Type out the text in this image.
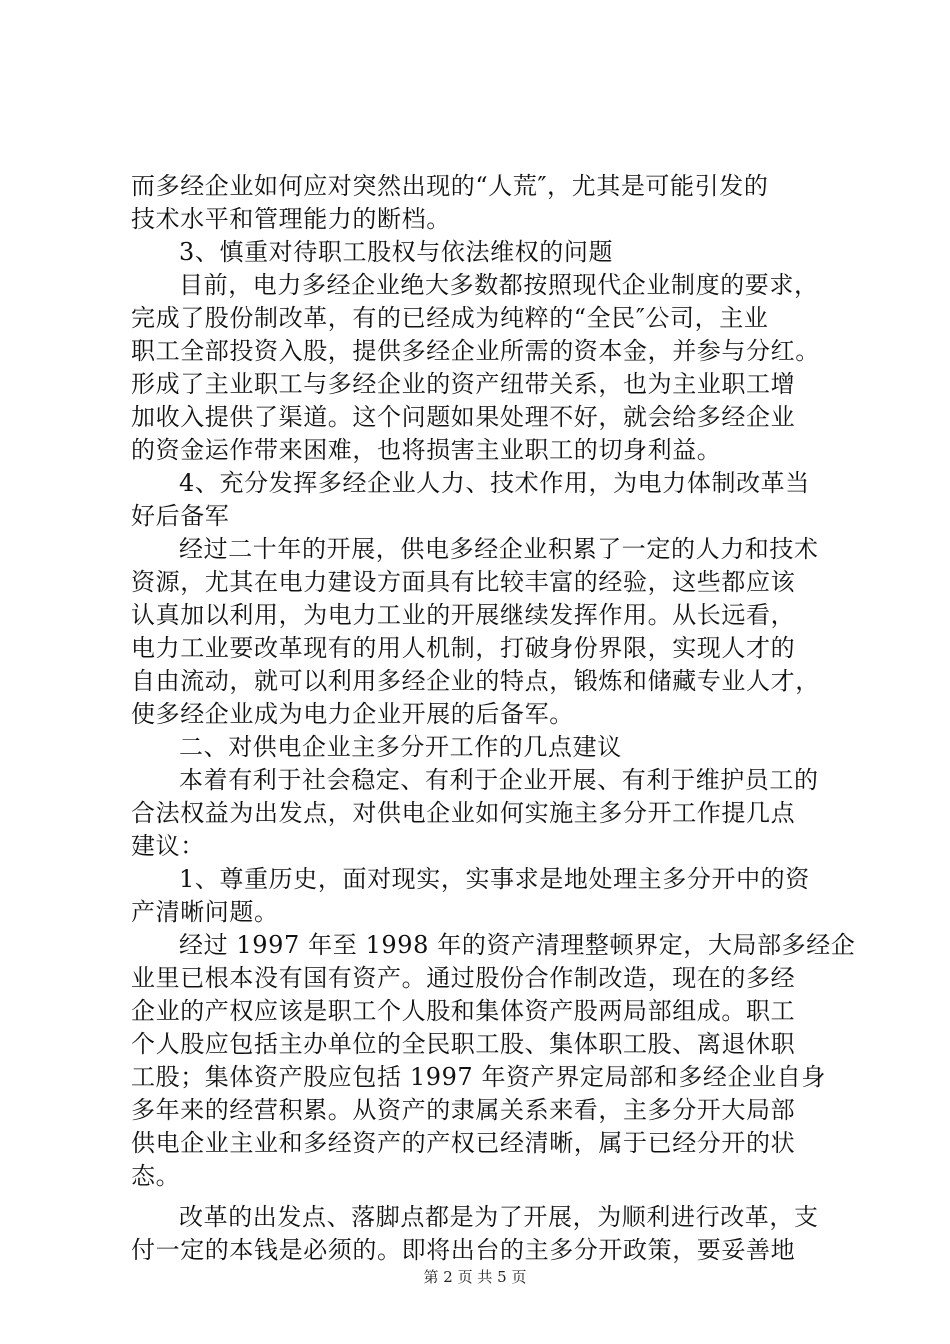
而多经企业如何应对突然出现的“人荒″，尤其是可能引发的
技术水平和管理能力的断档。
3、慎重对待职工股权与依法维权的问题
目前，电力多经企业绝大多数都按照现代企业制度的要求，
完成了股份制改革，有的已经成为纯粹的“全民″公司，主业
职工全部投资入股，提供多经企业所需的资本金，并参与分红。
形成了主业职工与多经企业的资产纽带关系，也为主业职工增
加收入提供了渠道。这个问题如果处理不好，就会给多经企业
的资金运作带来困难，也将损害主业职工的切身利益。
4、充分发挥多经企业人力、技术作用，为电力体制改革当
好后备军
经过二十年的开展，供电多经企业积累了一定的人力和技术
资源，尤其在电力建设方面具有比较丰富的经验，这些都应该
认真加以利用，为电力工业的开展继续发挥作用。从长远看，
电力工业要改革现有的用人机制，打破身份界限，实现人才的
自由流动，就可以利用多经企业的特点，锻炼和储藏专业人才，
使多经企业成为电力企业开展的后备军。
二、对供电企业主多分开工作的几点建议
本着有利于社会稳定、有利于企业开展、有利于维护员工的
合法权益为出发点，对供电企业如何实施主多分开工作提几点
建议：
1、尊重历史，面对现实，实事求是地处理主多分开中的资
产清晰问题。
经过 1997 年至 1998 年的资产清理整顿界定，大局部多经企
业里已根本没有国有资产。通过股份合作制改造，现在的多经
企业的产权应该是职工个人股和集体资产股两局部组成。职工
个人股应包括主办单位的全民职工股、集体职工股、离退休职
工股；集体资产股应包括 1997 年资产界定局部和多经企业自身
多年来的经营积累。从资产的隶属关系来看，主多分开大局部
供电企业主业和多经资产的产权已经清晰，属于已经分开的状
态。
改革的出发点、落脚点都是为了开展，为顺利进行改革，支
付一定的本钱是必须的。即将出台的主多分开政策，要妥善地
第 2 页 共 5 页
